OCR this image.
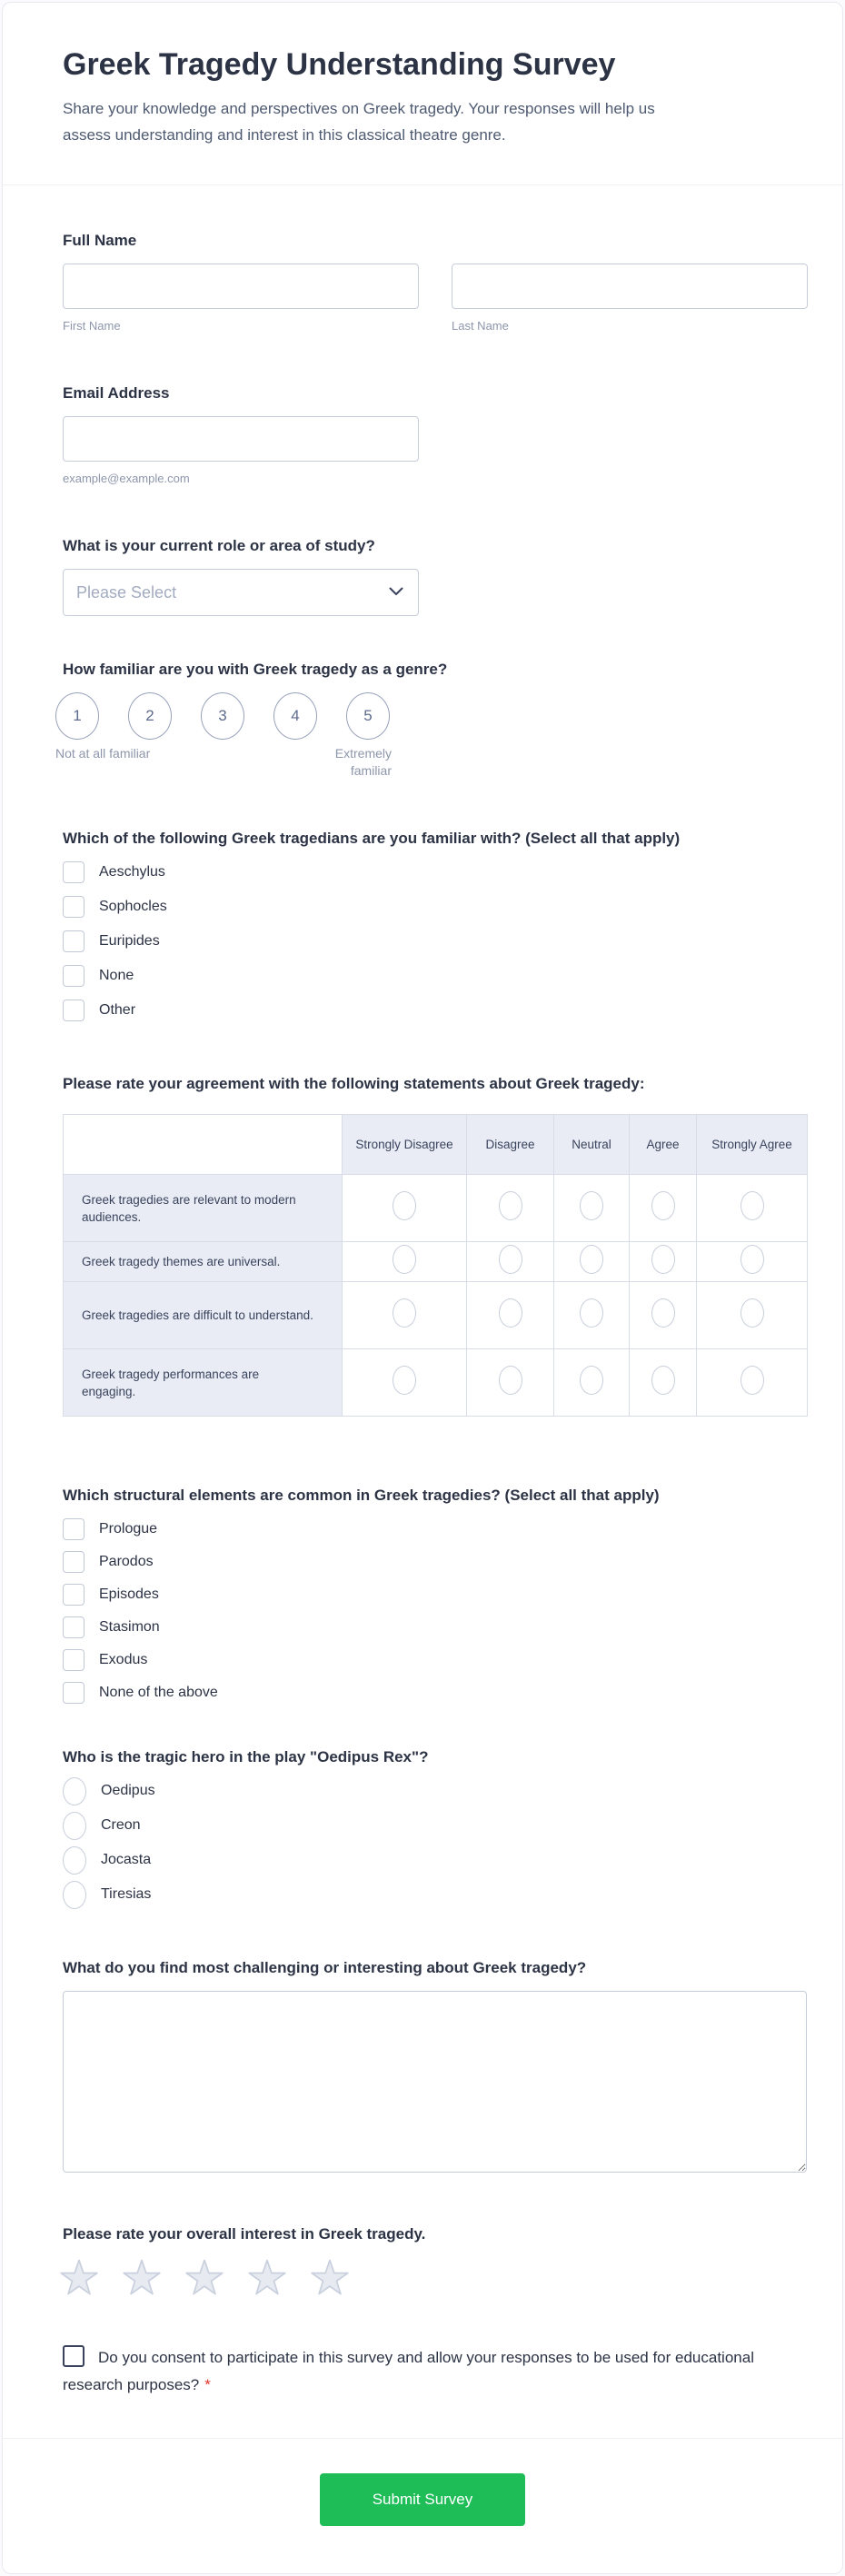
Greek Tragedy Understanding Survey
Share your knowledge and perspectives on Greek tragedy. Your responses will help us assess understanding and interest in this classical theatre genre.
Full Name
First Name	Last Name
Email Address
example@example.com
What is your current role or area of study?
Please Select
How familiar are you with Greek tragedy as a genre?
1	2	3	4	5
Not at all familiar	Extremely familiar
Which of the following Greek tragedians are you familiar with? (Select all that apply)
Aeschylus
Sophocles
Euripides
None
Other
Please rate your agreement with the following statements about Greek tragedy:
	Strongly Disagree	Disagree	Neutral	Agree	Strongly Agree
Greek tragedies are relevant to modern audiences.					
Greek tragedy themes are universal.					
Greek tragedies are difficult to understand.					
Greek tragedy performances are engaging.					
Which structural elements are common in Greek tragedies? (Select all that apply)
Prologue
Parodos
Episodes
Stasimon
Exodus
None of the above
Who is the tragic hero in the play "Oedipus Rex"?
Oedipus
Creon
Jocasta
Tiresias
What do you find most challenging or interesting about Greek tragedy?
Please rate your overall interest in Greek tragedy.
Do you consent to participate in this survey and allow your responses to be used for educational research purposes? *
Submit Survey
